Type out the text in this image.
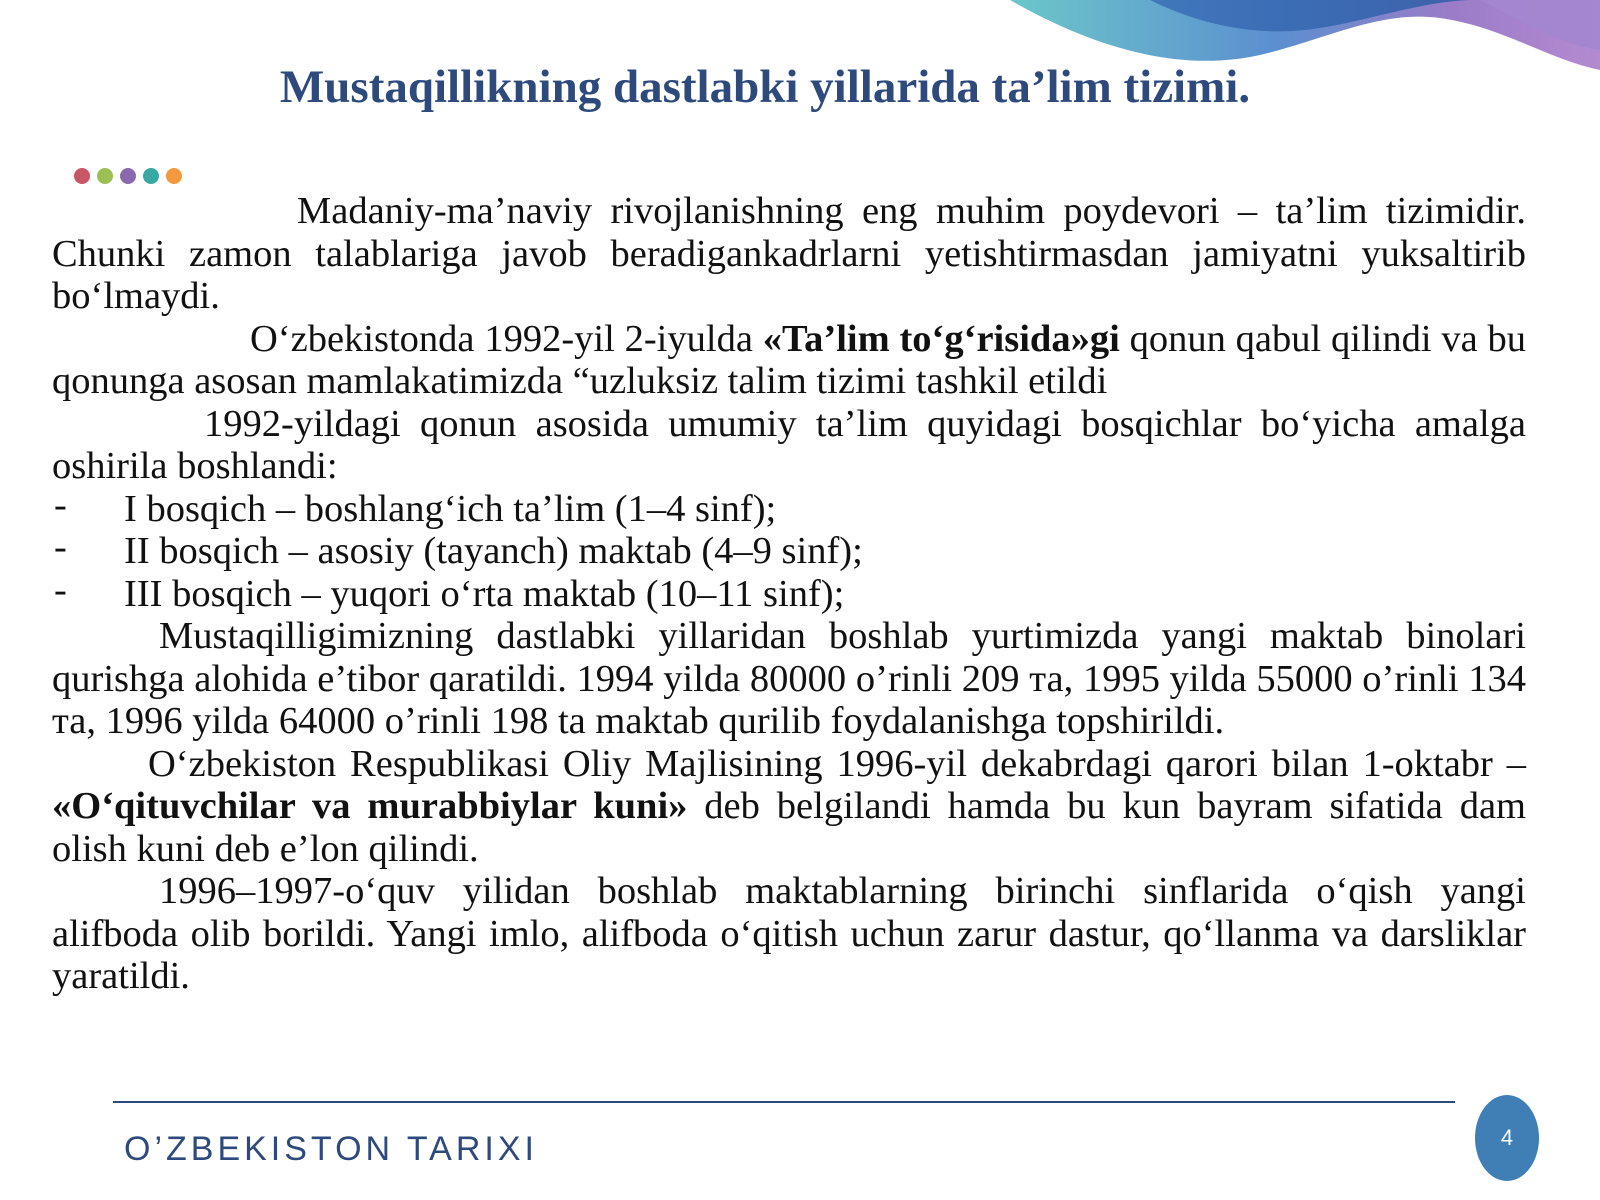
Mustaqillikning dastlabki yillarida ta’lim tizimi.

Madaniy-ma’naviy rivojlanishning eng muhim poydevori – ta’lim tizimidir. Chunki zamon talablariga javob beradigankadrlarni yetishtirmasdan jamiyatni yuksaltirib bo‘lmaydi.

O‘zbekistonda 1992-yil 2-iyulda «Ta’lim to‘g‘risida»gi qonun qabul qilindi va bu qonunga asosan mamlakatimizda “uzluksiz talim tizimi tashkil etildi

1992-yildagi qonun asosida umumiy ta’lim quyidagi bosqichlar bo‘yicha amalga oshirila boshlandi:

- I bosqich – boshlang‘ich ta’lim (1–4 sinf);
- II bosqich – asosiy (tayanch) maktab (4–9 sinf);
- III bosqich – yuqori o‘rta maktab (10–11 sinf);

Mustaqilligimizning dastlabki yillaridan boshlab yurtimizda yangi maktab binolari qurishga alohida e’tibor qaratildi. 1994 yilda 80000 o’rinli 209 та, 1995 yilda 55000 o’rinli 134 та, 1996 yilda 64000 o’rinli 198 ta maktab qurilib foydalanishga topshirildi.

O‘zbekiston Respublikasi Oliy Majlisining 1996-yil dekabrdagi qarori bilan 1-oktabr – «O‘qituvchilar va murabbiylar kuni» deb belgilandi hamda bu kun bayram sifatida dam olish kuni deb e’lon qilindi.

1996–1997-o‘quv yilidan boshlab maktablarning birinchi sinflarida o‘qish yangi alifboda olib borildi. Yangi imlo, alifboda o‘qitish uchun zarur dastur, qo‘llanma va darsliklar yaratildi.

O’ZBEKISTON TARIXI	4
